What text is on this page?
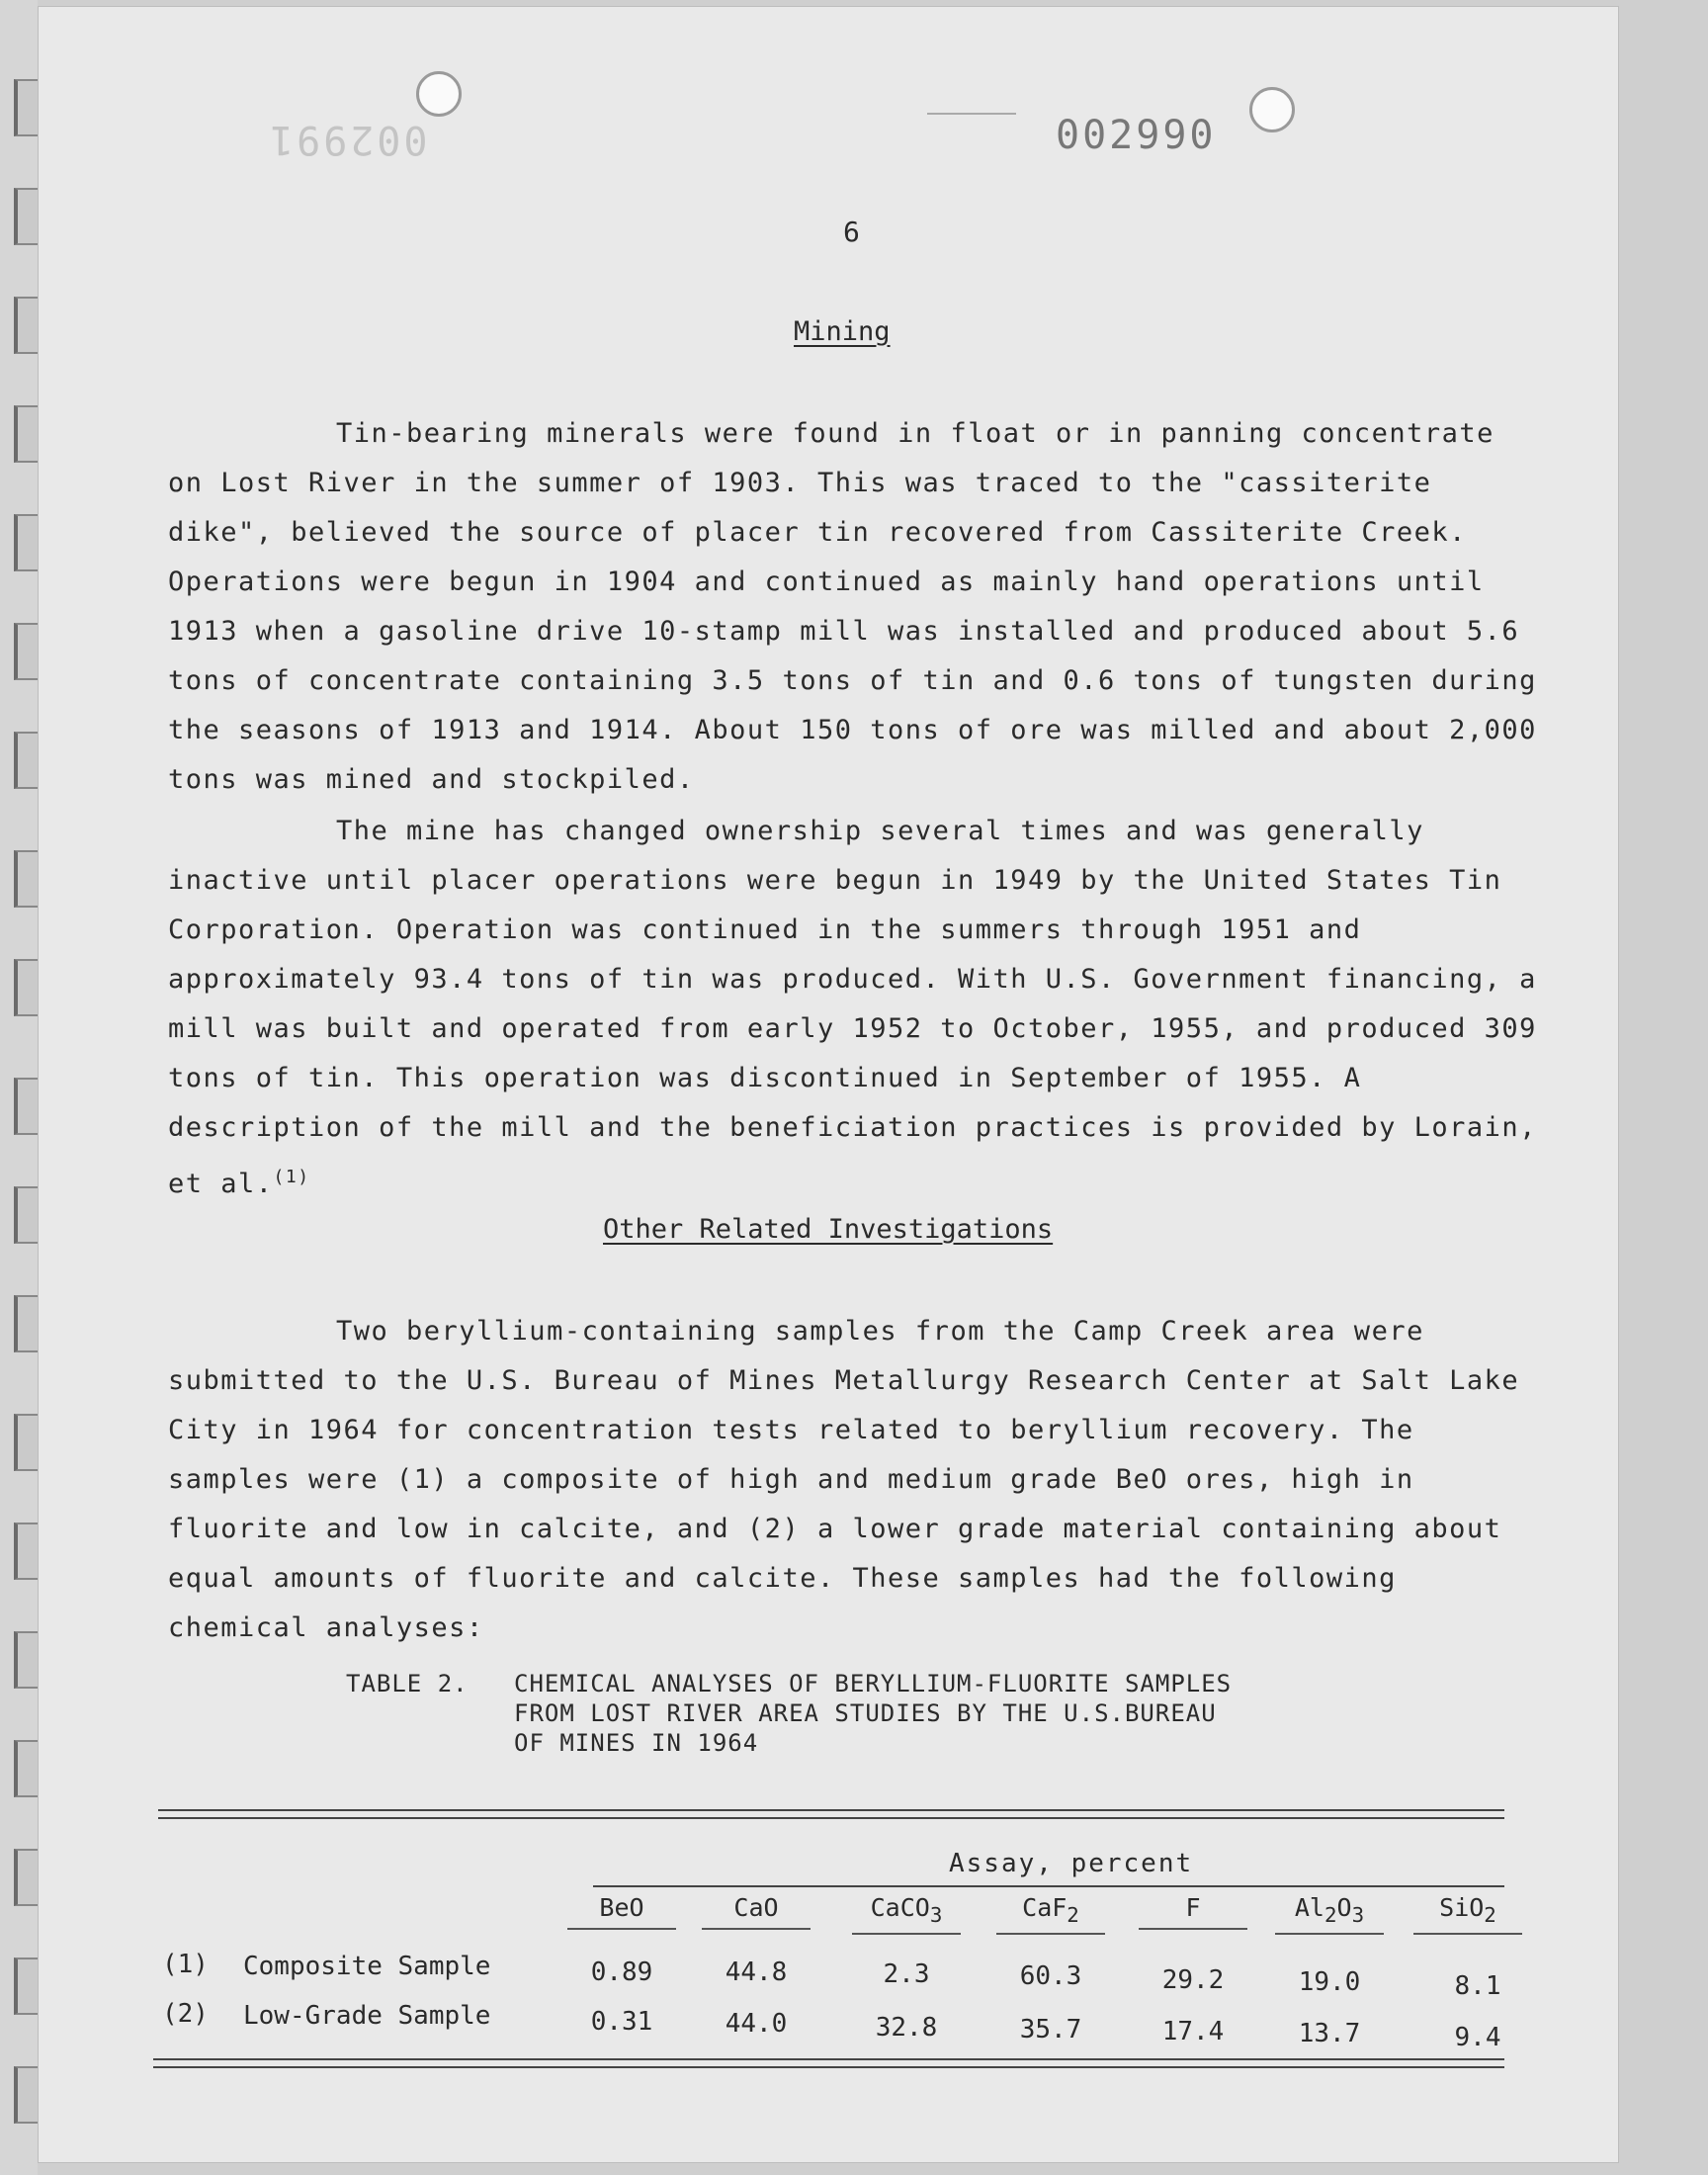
002991	002990
6
Mining
Tin-bearing minerals were found in float or in panning concentrate on Lost River in the summer of 1903. This was traced to the "cassiterite dike", believed the source of placer tin recovered from Cassiterite Creek. Operations were begun in 1904 and continued as mainly hand operations until 1913 when a gasoline drive 10-stamp mill was installed and produced about 5.6 tons of concentrate containing 3.5 tons of tin and 0.6 tons of tungsten during the seasons of 1913 and 1914. About 150 tons of ore was milled and about 2,000 tons was mined and stockpiled.
The mine has changed ownership several times and was generally inactive until placer operations were begun in 1949 by the United States Tin Corporation. Operation was continued in the summers through 1951 and approximately 93.4 tons of tin was produced. With U.S. Government financing, a mill was built and operated from early 1952 to October, 1955, and produced 309 tons of tin. This operation was discontinued in September of 1955. A description of the mill and the beneficiation practices is provided by Lorain, et al.$^{(1)}$
Other Related Investigations
Two beryllium-containing samples from the Camp Creek area were submitted to the U.S. Bureau of Mines Metallurgy Research Center at Salt Lake City in 1964 for concentration tests related to beryllium recovery. The samples were (1) a composite of high and medium grade BeO ores, high in fluorite and low in calcite, and (2) a lower grade material containing about equal amounts of fluorite and calcite. These samples had the following chemical analyses:
TABLE 2. CHEMICAL ANALYSES OF BERYLLIUM-FLUORITE SAMPLES
FROM LOST RIVER AREA STUDIES BY THE U.S.BUREAU
OF MINES IN 1964
Assay, percent
BeO	CaO	CaCO$_3$	CaF$_2$	F	$Al_2O_3$	SiO$_2$
(1) Composite Sample	0.89	44.8	2.3	60.3	29.2	19.0	8.1
(2) Low-Grade Sample	0.31	44.0	32.8	35.7	17.4	13.7	9.4
